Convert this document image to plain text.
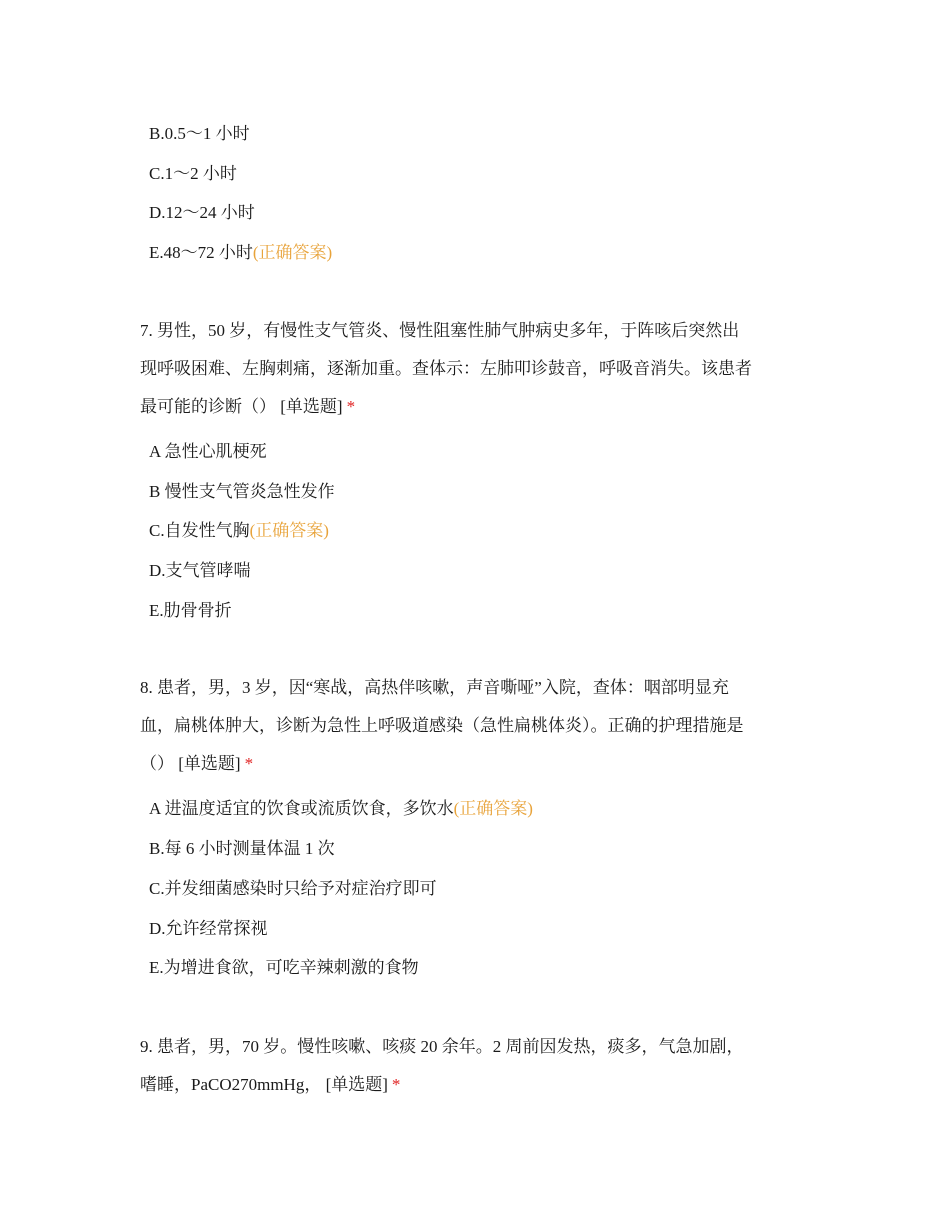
B.0.5～1 小时
C.1～2 小时
D.12～24 小时
E.48～72 小时(正确答案)
7. 男性，50 岁，有慢性支气管炎、慢性阻塞性肺气肿病史多年，于阵咳后突然出
现呼吸困难、左胸刺痛，逐渐加重。查体示：左肺叩诊鼓音，呼吸音消失。该患者
最可能的诊断（） [单选题] *
A 急性心肌梗死
B 慢性支气管炎急性发作
C.自发性气胸(正确答案)
D.支气管哮喘
E.肋骨骨折
8. 患者，男，3 岁，因“寒战，高热伴咳嗽，声音嘶哑”入院，查体：咽部明显充
血，扁桃体肿大，诊断为急性上呼吸道感染（急性扁桃体炎）。正确的护理措施是
（） [单选题] *
A 进温度适宜的饮食或流质饮食，多饮水(正确答案)
B.每 6 小时测量体温 1 次
C.并发细菌感染时只给予对症治疗即可
D.允许经常探视
E.为增进食欲，可吃辛辣刺激的食物
9. 患者，男，70 岁。慢性咳嗽、咳痰 20 余年。2 周前因发热，痰多，气急加剧，
嗜睡，PaCO270mmHg， [单选题] *
